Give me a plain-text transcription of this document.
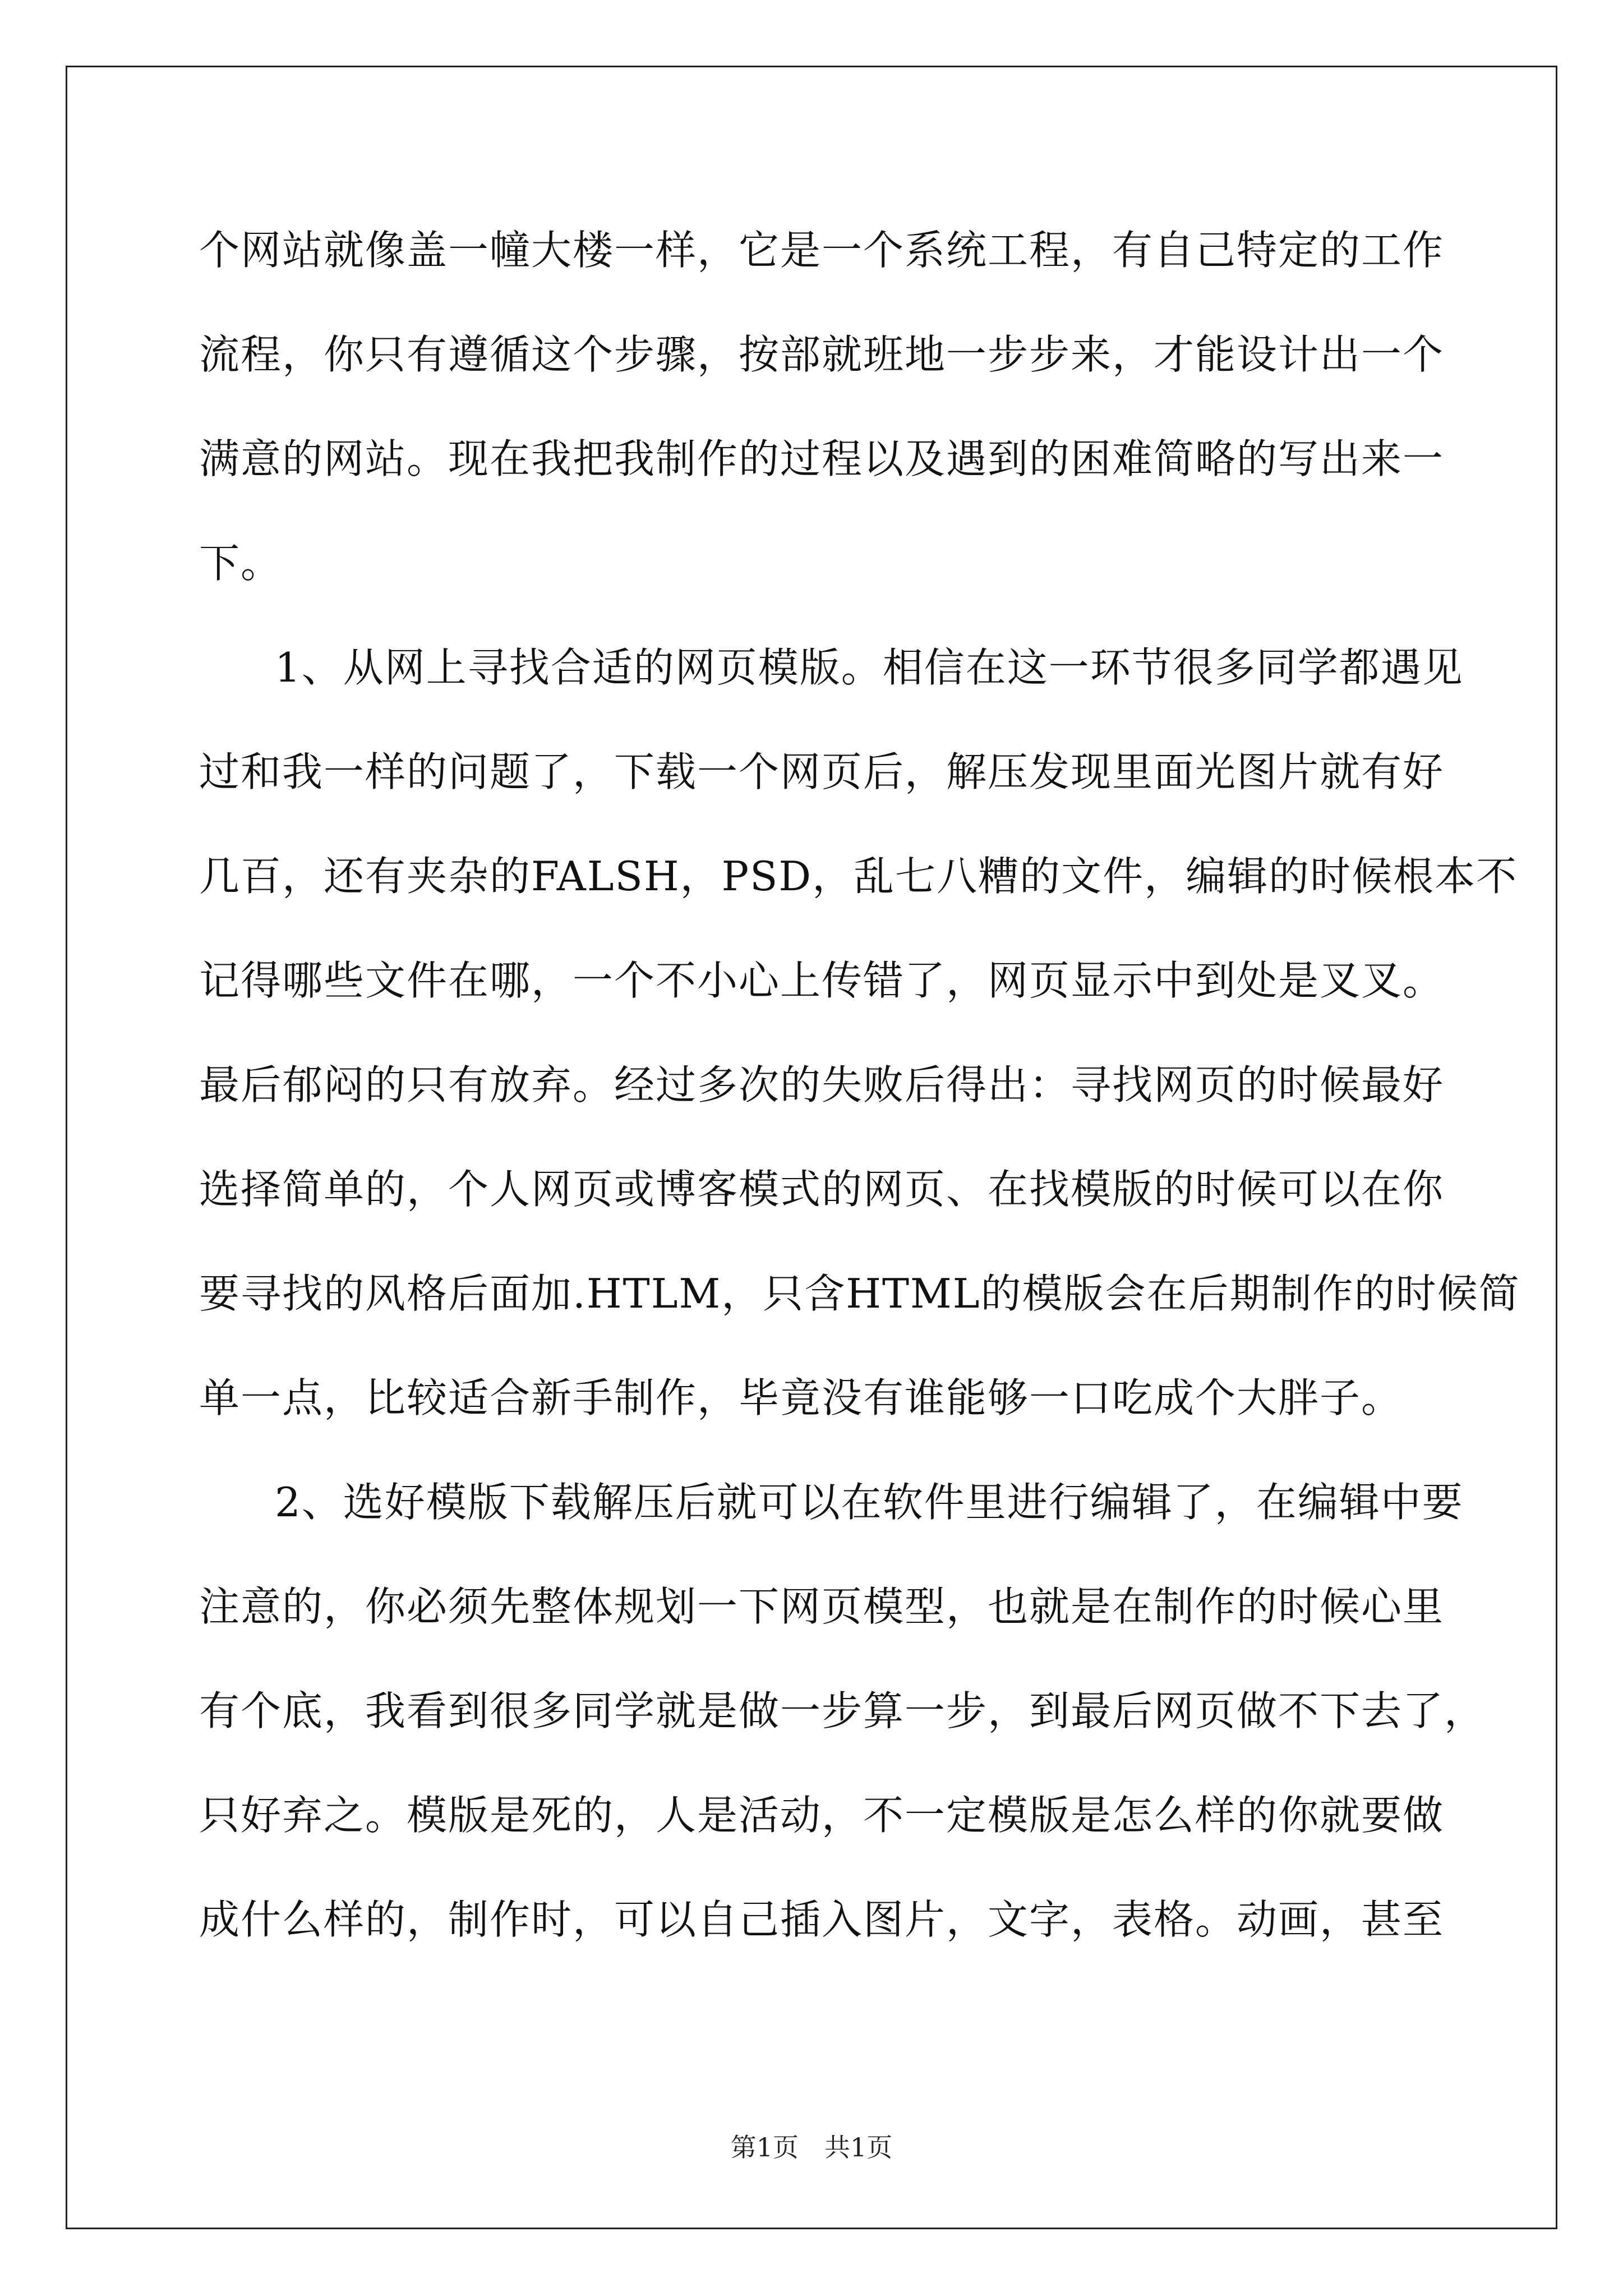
个网站就像盖一幢大楼一样，它是一个系统工程，有自己特定的工作
流程，你只有遵循这个步骤，按部就班地一步步来，才能设计出一个
满意的网站。现在我把我制作的过程以及遇到的困难简略的写出来一
下。
1、从网上寻找合适的网页模版。相信在这一环节很多同学都遇见
过和我一样的问题了，下载一个网页后，解压发现里面光图片就有好
几百，还有夹杂的FALSH，PSD，乱七八糟的文件，编辑的时候根本不
记得哪些文件在哪，一个不小心上传错了，网页显示中到处是叉叉。
最后郁闷的只有放弃。经过多次的失败后得出：寻找网页的时候最好
选择简单的，个人网页或博客模式的网页、在找模版的时候可以在你
要寻找的风格后面加.HTLM，只含HTML的模版会在后期制作的时候简
单一点，比较适合新手制作，毕竟没有谁能够一口吃成个大胖子。
2、选好模版下载解压后就可以在软件里进行编辑了，在编辑中要
注意的，你必须先整体规划一下网页模型，也就是在制作的时候心里
有个底，我看到很多同学就是做一步算一步，到最后网页做不下去了，
只好弃之。模版是死的，人是活动，不一定模版是怎么样的你就要做
成什么样的，制作时，可以自己插入图片，文字，表格。动画，甚至
第1页　共1页
